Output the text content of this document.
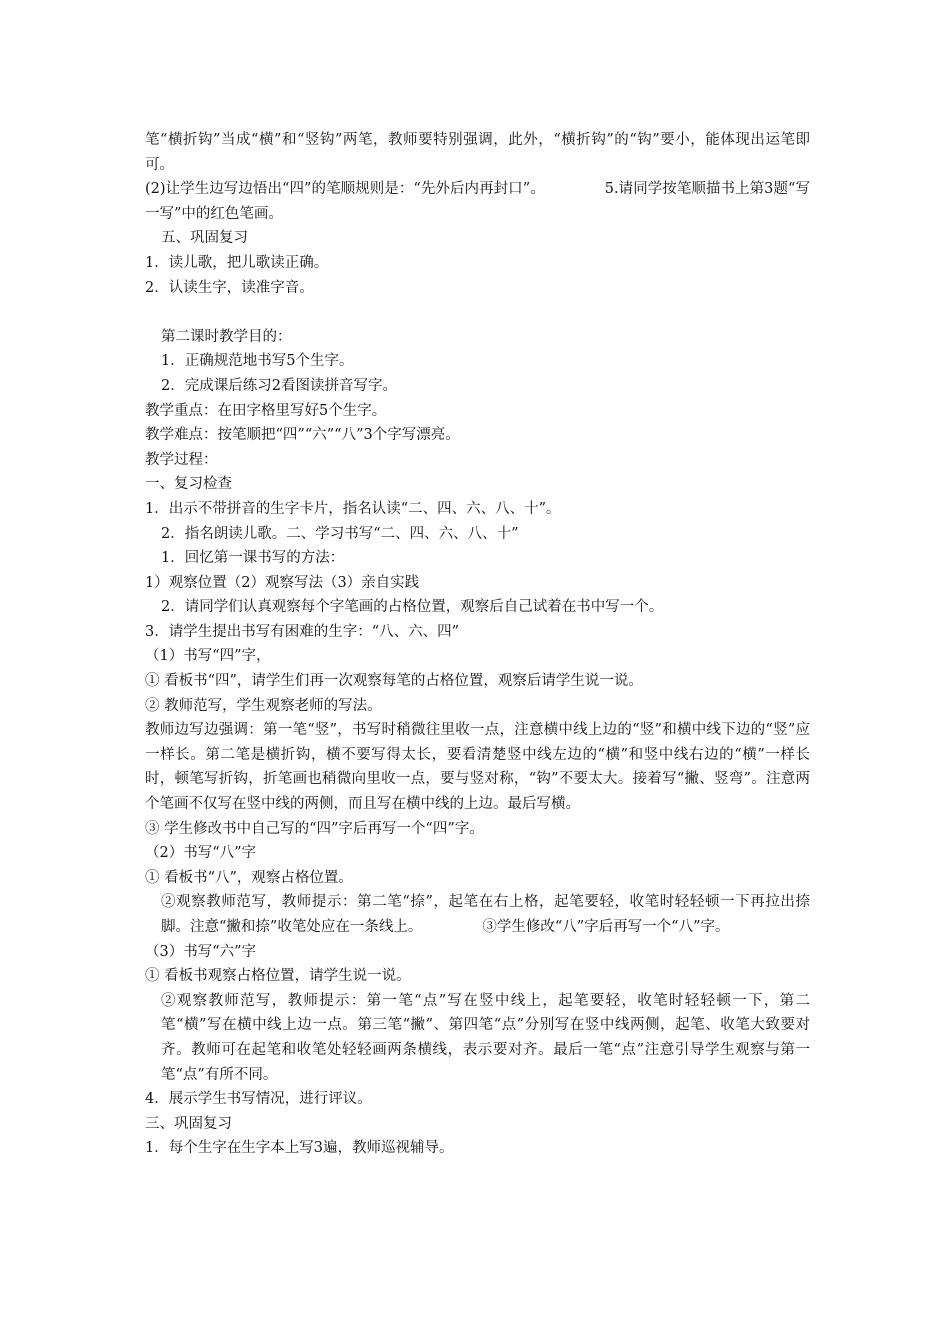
笔“横折钩”当成“横”和“竖钩”两笔，教师要特别强调，此外，“横折钩”的“钩”要小，能体现出运笔即可。

(2)让学生边写边悟出“四”的笔顺规则是：“先外后内再封口”。	5.请同学按笔顺描书上第3题“写一写”中的红色笔画。

五、巩固复习

1．读儿歌，把儿歌读正确。

2．认读生字，读准字音。

第二课时教学目的：

1．正确规范地书写5个生字。

2．完成课后练习2看图读拼音写字。

教学重点：在田字格里写好5个生字。

教学难点：按笔顺把“四”“六”“八”3个字写漂亮。

教学过程：

一、复习检查

1．出示不带拼音的生字卡片，指名认读“二、四、六、八、十”。

2．指名朗读儿歌。二、学习书写“二、四、六、八、十”

1．回忆第一课书写的方法：

1）观察位置（2）观察写法（3）亲自实践

2．请同学们认真观察每个字笔画的占格位置，观察后自己试着在书中写一个。

3．请学生提出书写有困难的生字：“八、六、四”

（1）书写“四”字，

① 看板书“四”，请学生们再一次观察每笔的占格位置，观察后请学生说一说。

② 教师范写，学生观察老师的写法。

教师边写边强调：第一笔“竖”，书写时稍微往里收一点，注意横中线上边的“竖”和横中线下边的“竖”应一样长。第二笔是横折钩，横不要写得太长，要看清楚竖中线左边的“横”和竖中线右边的“横”一样长时，顿笔写折钩，折笔画也稍微向里收一点，要与竖对称，“钩”不要太大。接着写“撇、竖弯”。注意两个笔画不仅写在竖中线的两侧，而且写在横中线的上边。最后写横。

③ 学生修改书中自己写的“四”字后再写一个“四”字。

（2）书写“八”字

① 看板书“八”，观察占格位置。

②观察教师范写，教师提示：第二笔“捺”，起笔在右上格，起笔要轻，收笔时轻轻顿一下再拉出捺脚。注意“撇和捺”收笔处应在一条线上。	③学生修改“八”字后再写一个“八”字。

（3）书写“六”字

① 看板书观察占格位置，请学生说一说。

②观察教师范写，教师提示：第一笔“点”写在竖中线上，起笔要轻，收笔时轻轻顿一下，第二笔“横”写在横中线上边一点。第三笔“撇”、第四笔“点”分别写在竖中线两侧，起笔、收笔大致要对齐。教师可在起笔和收笔处轻轻画两条横线，表示要对齐。最后一笔“点”注意引导学生观察与第一笔“点”有所不同。

4．展示学生书写情况，进行评议。

三、巩固复习

1．每个生字在生字本上写3遍，教师巡视辅导。
